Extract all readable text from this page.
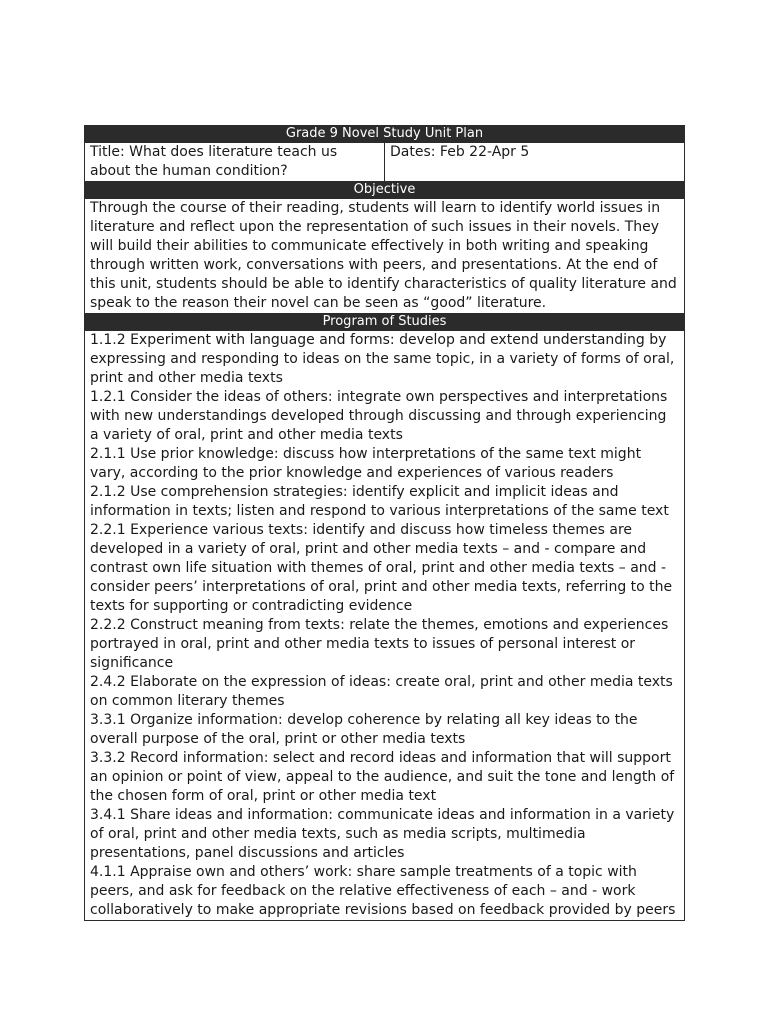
Grade 9 Novel Study Unit Plan
Title: What does literature teach us about the human condition?	Dates: Feb 22-Apr 5
Objective
Through the course of their reading, students will learn to identify world issues in literature and reflect upon the representation of such issues in their novels. They will build their abilities to communicate effectively in both writing and speaking through written work, conversations with peers, and presentations. At the end of this unit, students should be able to identify characteristics of quality literature and speak to the reason their novel can be seen as “good” literature.
Program of Studies

1.1.2 Experiment with language and forms: develop and extend understanding by expressing and responding to ideas on the same topic, in a variety of forms of oral, print and other media texts
1.2.1 Consider the ideas of others: integrate own perspectives and interpretations with new understandings developed through discussing and through experiencing a variety of oral, print and other media texts
2.1.1 Use prior knowledge: discuss how interpretations of the same text might vary, according to the prior knowledge and experiences of various readers
2.1.2 Use comprehension strategies: identify explicit and implicit ideas and information in texts; listen and respond to various interpretations of the same text
2.2.1 Experience various texts: identify and discuss how timeless themes are developed in a variety of oral, print and other media texts – and - compare and contrast own life situation with themes of oral, print and other media texts – and - consider peers’ interpretations of oral, print and other media texts, referring to the texts for supporting or contradicting evidence
2.2.2 Construct meaning from texts: relate the themes, emotions and experiences portrayed in oral, print and other media texts to issues of personal interest or significance
2.4.2 Elaborate on the expression of ideas: create oral, print and other media texts on common literary themes
3.3.1 Organize information: develop coherence by relating all key ideas to the overall purpose of the oral, print or other media texts
3.3.2 Record information: select and record ideas and information that will support an opinion or point of view, appeal to the audience, and suit the tone and length of the chosen form of oral, print or other media text
3.4.1 Share ideas and information: communicate ideas and information in a variety of oral, print and other media texts, such as media scripts, multimedia presentations, panel discussions and articles
4.1.1 Appraise own and others’ work: share sample treatments of a topic with peers, and ask for feedback on the relative effectiveness of each – and - work collaboratively to make appropriate revisions based on feedback provided by peers
